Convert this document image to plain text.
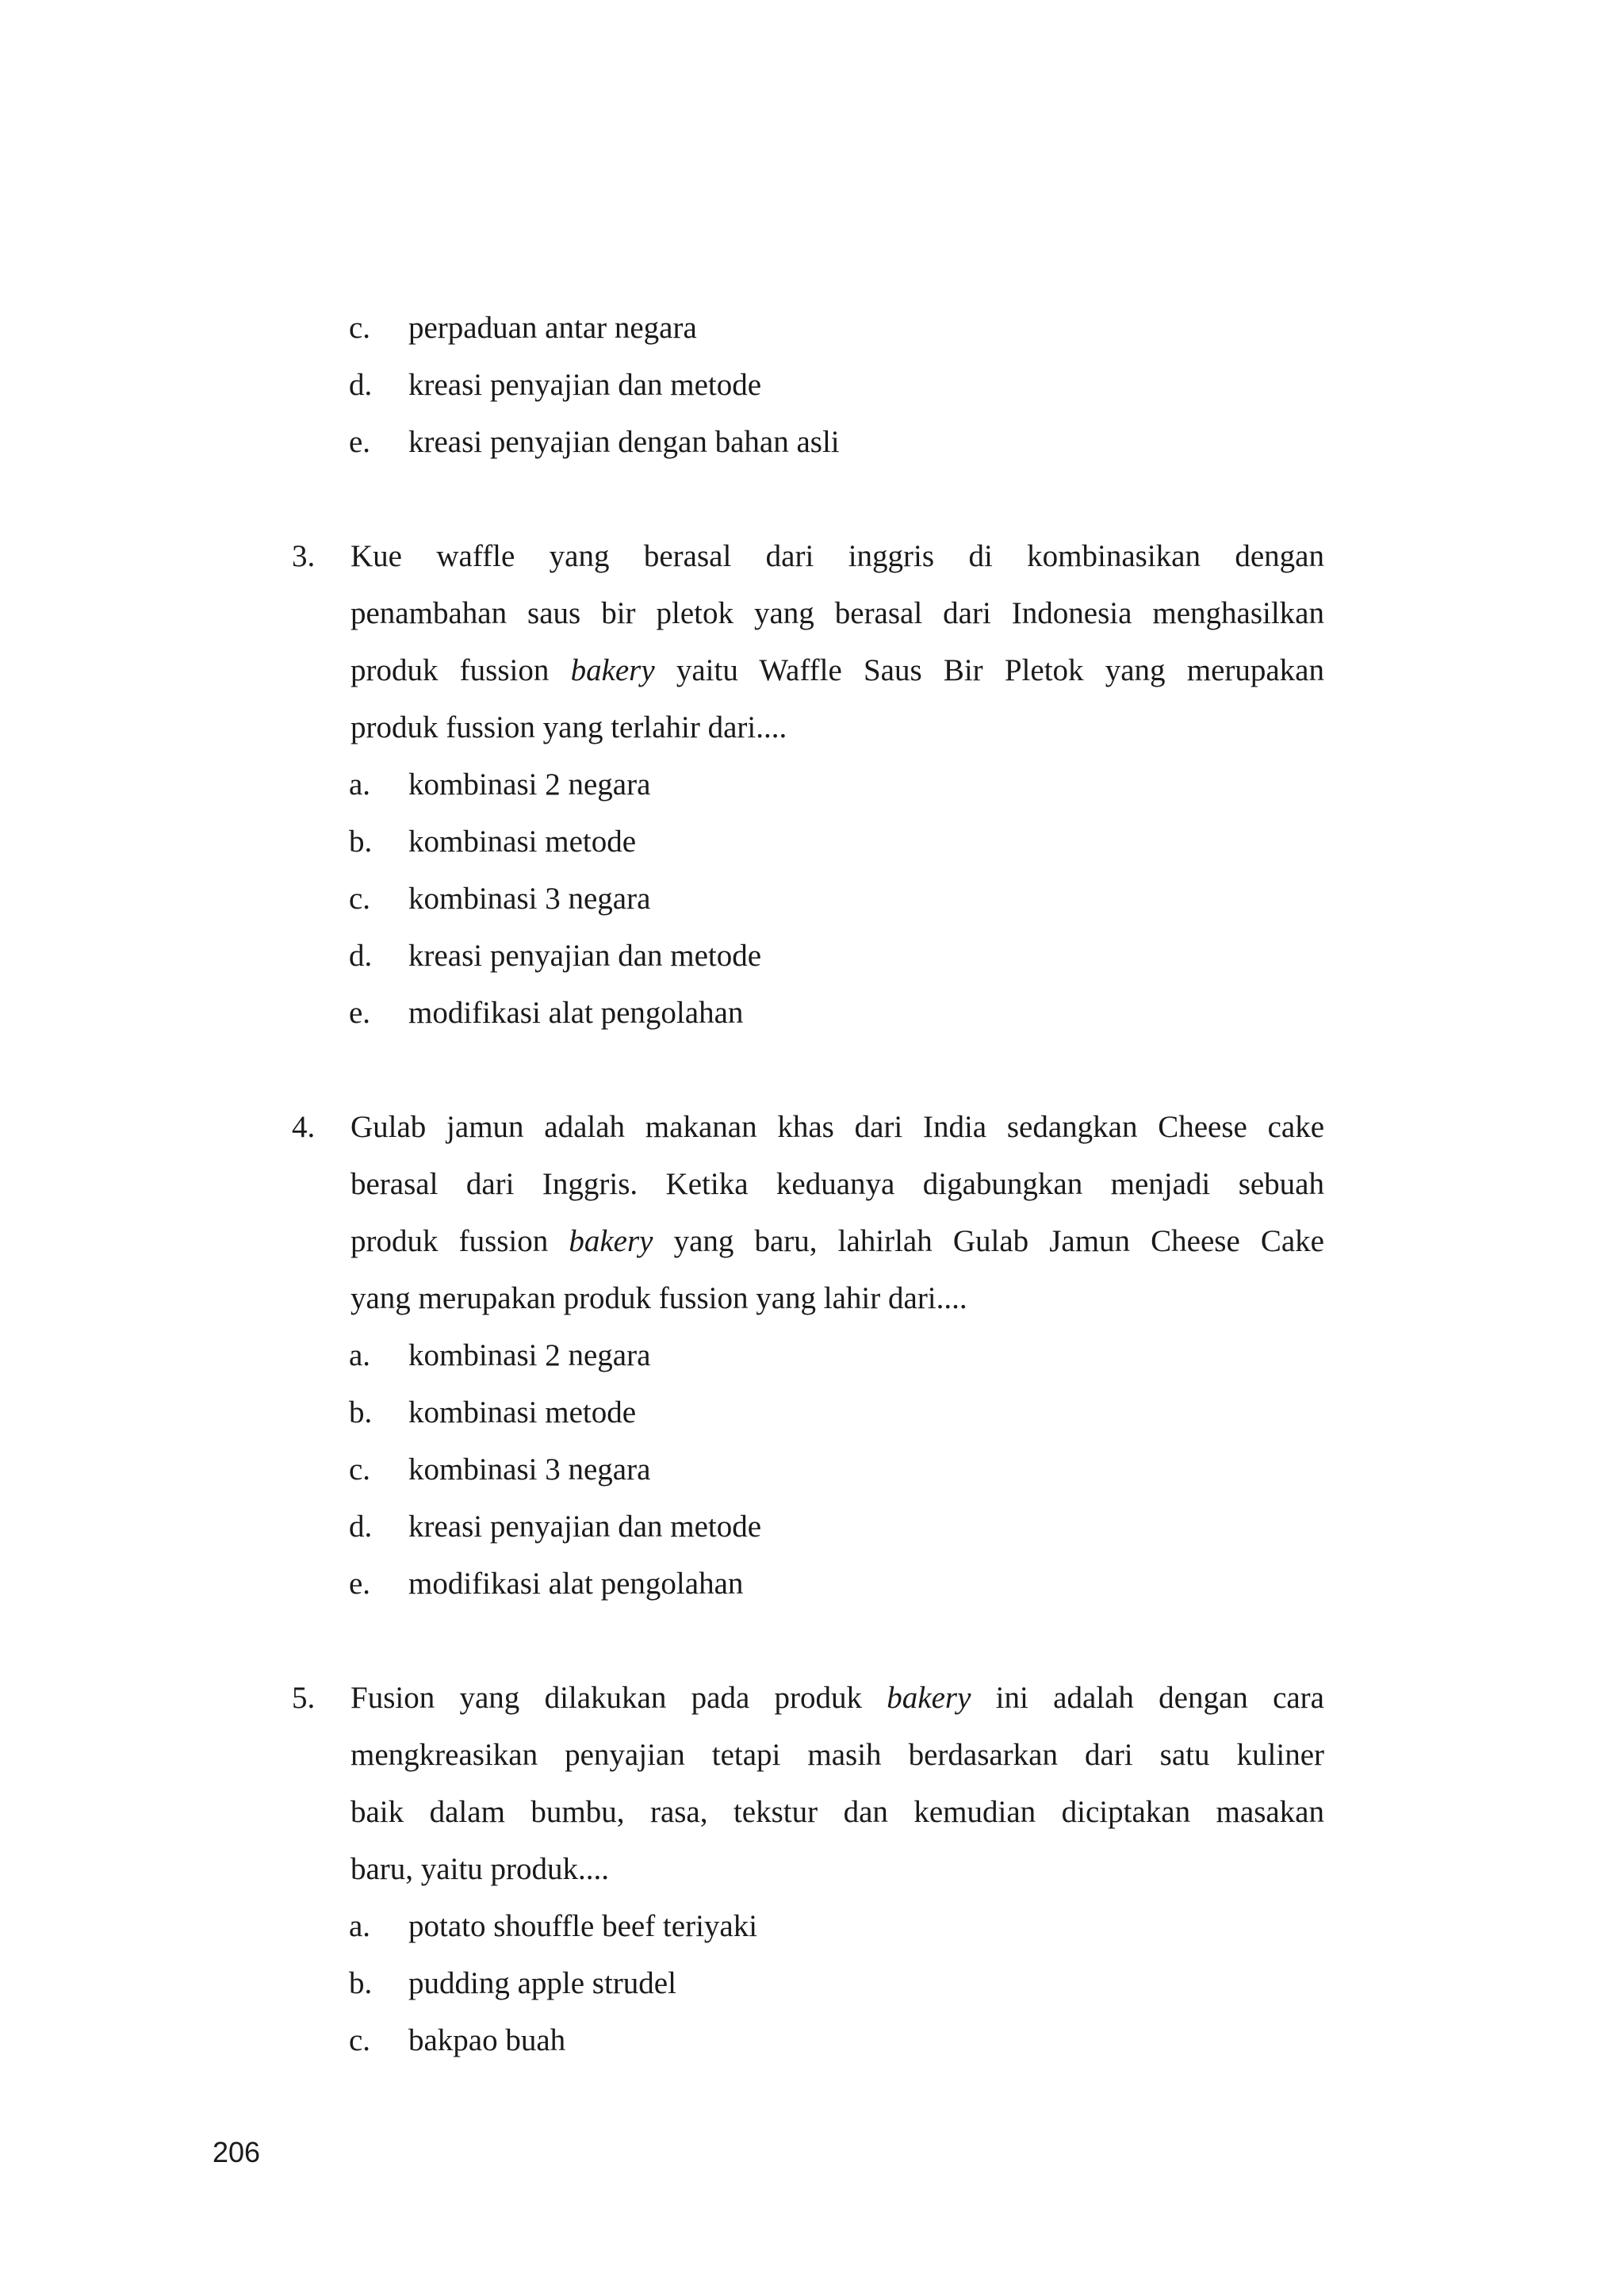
c.	perpaduan antar negara
d.	kreasi penyajian dan metode
e.	kreasi penyajian dengan bahan asli
3. Kue waffle yang berasal dari inggris di kombinasikan dengan
penambahan saus bir pletok yang berasal dari Indonesia menghasilkan
produk fussion bakery yaitu Waffle Saus Bir Pletok yang merupakan
produk fussion yang terlahir dari....
a.	kombinasi 2 negara
b.	kombinasi metode
c.	kombinasi 3 negara
d.	kreasi penyajian dan metode
e.	modifikasi alat pengolahan
4. Gulab jamun adalah makanan khas dari India sedangkan Cheese cake
berasal dari Inggris. Ketika keduanya digabungkan menjadi sebuah
produk fussion bakery yang baru, lahirlah Gulab Jamun Cheese Cake
yang merupakan produk fussion yang lahir dari....
a.	kombinasi 2 negara
b.	kombinasi metode
c.	kombinasi 3 negara
d.	kreasi penyajian dan metode
e.	modifikasi alat pengolahan
5. Fusion yang dilakukan pada produk bakery ini adalah dengan cara
mengkreasikan penyajian tetapi masih berdasarkan dari satu kuliner
baik dalam bumbu, rasa, tekstur dan kemudian diciptakan masakan
baru, yaitu produk....
a.	potato shouffle beef teriyaki
b.	pudding apple strudel
c.	bakpao buah
206
